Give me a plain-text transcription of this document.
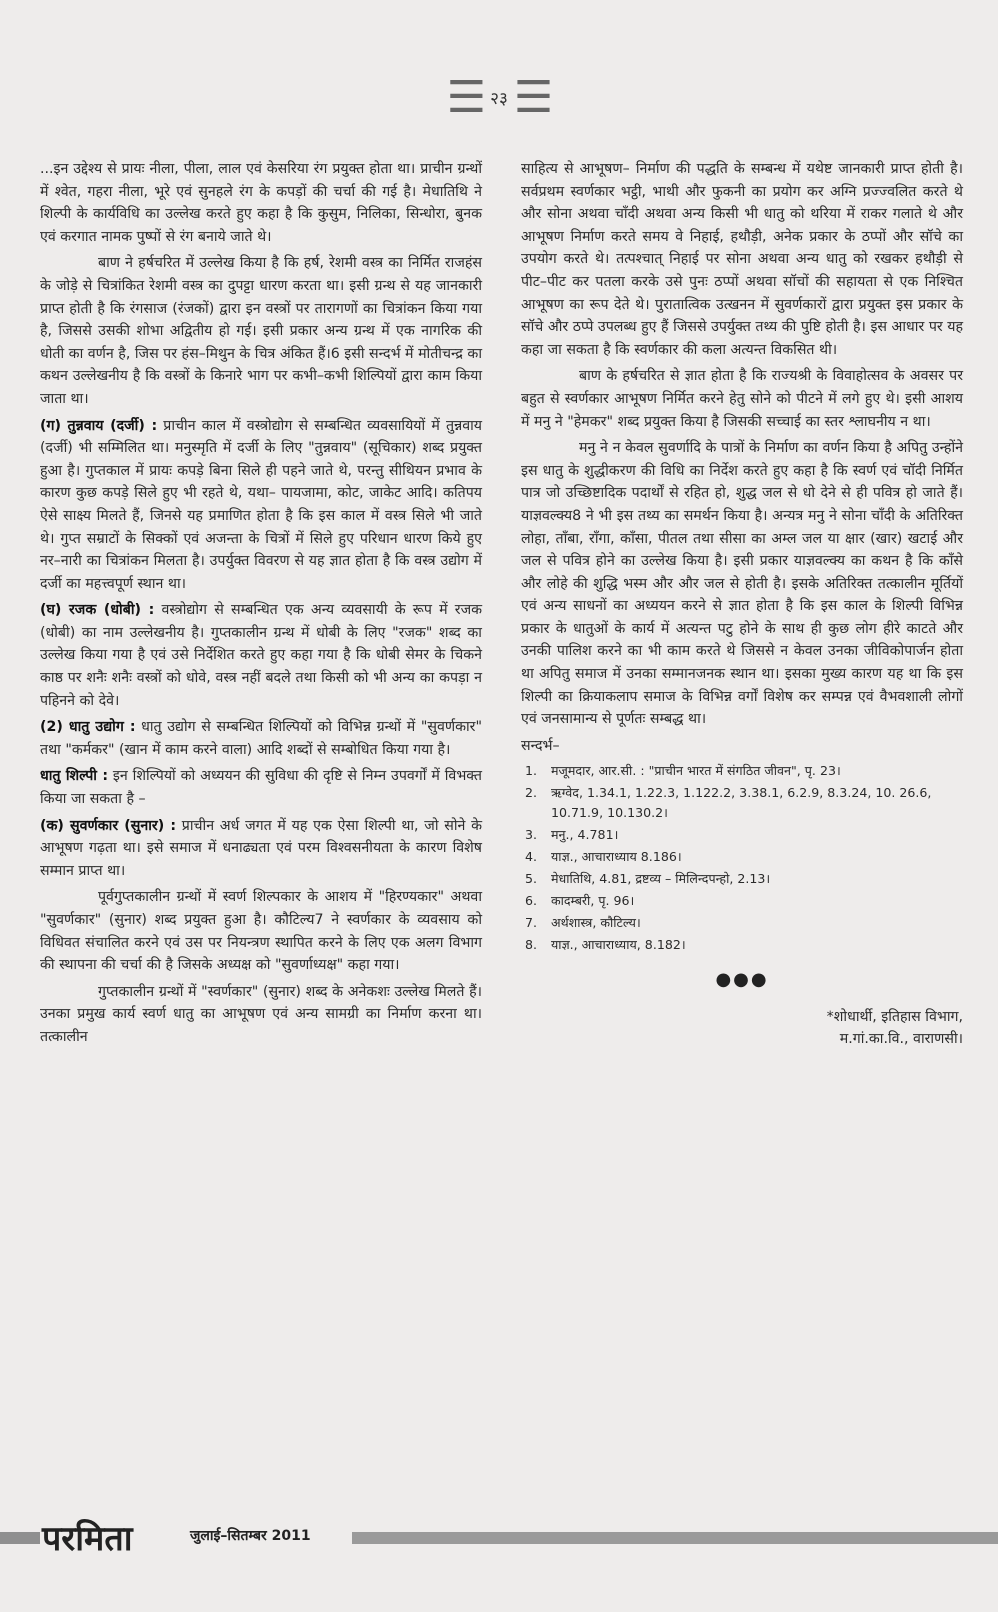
☰ २३ ☰

...इन उद्देश्य से प्रायः नीला, पीला, लाल एवं केसरिया रंग प्रयुक्त होता था। प्राचीन ग्रन्थों में श्वेत, गहरा नीला, भूरे एवं सुनहले रंग के कपड़ों की चर्चा की गई है। मेधातिथि ने शिल्पी के कार्यविधि का उल्लेख करते हुए कहा है कि कुसुम, निलिका, सिन्धोरा, बुनक एवं करगात नामक पुष्पों से रंग बनाये जाते थे।

बाण ने हर्षचरित में उल्लेख किया है कि हर्ष, रेशमी वस्त्र का निर्मित राजहंस के जोड़े से चित्रांकित रेशमी वस्त्र का दुपट्टा धारण करता था। इसी ग्रन्थ से यह जानकारी प्राप्त होती है कि रंगसाज (रंजकों) द्वारा इन वस्त्रों पर तारागणों का चित्रांकन किया गया है, जिससे उसकी शोभा अद्वितीय हो गई। इसी प्रकार अन्य ग्रन्थ में एक नागरिक की धोती का वर्णन है, जिस पर हंस–मिथुन के चित्र अंकित हैं।6 इसी सन्दर्भ में मोतीचन्द्र का कथन उल्लेखनीय है कि वस्त्रों के किनारे भाग पर कभी–कभी शिल्पियों द्वारा काम किया जाता था।

(ग) तुन्नवाय (दर्जी) : प्राचीन काल में वस्त्रोद्योग से सम्बन्धित व्यवसायियों में तुन्नवाय (दर्जी) भी सम्मिलित था। मनुस्मृति में दर्जी के लिए "तुन्नवाय" (सूचिकार) शब्द प्रयुक्त हुआ है। गुप्तकाल में प्रायः कपड़े बिना सिले ही पहने जाते थे, परन्तु सीथियन प्रभाव के कारण कुछ कपड़े सिले हुए भी रहते थे, यथा– पायजामा, कोट, जाकेट आदि। कतिपय ऐसे साक्ष्य मिलते हैं, जिनसे यह प्रमाणित होता है कि इस काल में वस्त्र सिले भी जाते थे। गुप्त सम्राटों के सिक्कों एवं अजन्ता के चित्रों में सिले हुए परिधान धारण किये हुए नर–नारी का चित्रांकन मिलता है। उपर्युक्त विवरण से यह ज्ञात होता है कि वस्त्र उद्योग में दर्जी का महत्त्वपूर्ण स्थान था।

(घ) रजक (धोबी) : वस्त्रोद्योग से सम्बन्धित एक अन्य व्यवसायी के रूप में रजक (धोबी) का नाम उल्लेखनीय है। गुप्तकालीन ग्रन्थ में धोबी के लिए "रजक" शब्द का उल्लेख किया गया है एवं उसे निर्देशित करते हुए कहा गया है कि धोबी सेमर के चिकने काष्ठ पर शनैः शनैः वस्त्रों को धोवे, वस्त्र नहीं बदले तथा किसी को भी अन्य का कपड़ा न पहिनने को देवे।

(2) धातु उद्योग : धातु उद्योग से सम्बन्धित शिल्पियों को विभिन्न ग्रन्थों में "सुवर्णकार" तथा "कर्मकर" (खान में काम करने वाला) आदि शब्दों से सम्बोधित किया गया है।

धातु शिल्पी : इन शिल्पियों को अध्ययन की सुविधा की दृष्टि से निम्न उपवर्गों में विभक्त किया जा सकता है –

(क) सुवर्णकार (सुनार) : प्राचीन अर्ध जगत में यह एक ऐसा शिल्पी था, जो सोने के आभूषण गढ़ता था। इसे समाज में धनाढ्यता एवं परम विश्वसनीयता के कारण विशेष सम्मान प्राप्त था।

पूर्वगुप्तकालीन ग्रन्थों में स्वर्ण शिल्पकार के आशय में "हिरण्यकार" अथवा "सुवर्णकार" (सुनार) शब्द प्रयुक्त हुआ है। कौटिल्य7 ने स्वर्णकार के व्यवसाय को विधिवत संचालित करने एवं उस पर नियन्त्रण स्थापित करने के लिए एक अलग विभाग की स्थापना की चर्चा की है जिसके अध्यक्ष को "सुवर्णाध्यक्ष" कहा गया।

गुप्तकालीन ग्रन्थों में "स्वर्णकार" (सुनार) शब्द के अनेकशः उल्लेख मिलते हैं। उनका प्रमुख कार्य स्वर्ण धातु का आभूषण एवं अन्य सामग्री का निर्माण करना था। तत्कालीन

साहित्य से आभूषण– निर्माण की पद्धति के सम्बन्ध में यथेष्ट जानकारी प्राप्त होती है। सर्वप्रथम स्वर्णकार भट्ठी, भाथी और फुकनी का प्रयोग कर अग्नि प्रज्ज्वलित करते थे और सोना अथवा चाँदी अथवा अन्य किसी भी धातु को थरिया में राकर गलाते थे और आभूषण निर्माण करते समय वे निहाई, हथौड़ी, अनेक प्रकार के ठप्पों और सॉचे का उपयोग करते थे। तत्पश्चात् निहाई पर सोना अथवा अन्य धातु को रखकर हथौड़ी से पीट–पीट कर पतला करके उसे पुनः ठप्पों अथवा सॉचों की सहायता से एक निश्चित आभूषण का रूप देते थे। पुरातात्विक उत्खनन में सुवर्णकारों द्वारा प्रयुक्त इस प्रकार के सॉचे और ठप्पे उपलब्ध हुए हैं जिससे उपर्युक्त तथ्य की पुष्टि होती है। इस आधार पर यह कहा जा सकता है कि स्वर्णकार की कला अत्यन्त विकसित थी।

बाण के हर्षचरित से ज्ञात होता है कि राज्यश्री के विवाहोत्सव के अवसर पर बहुत से स्वर्णकार आभूषण निर्मित करने हेतु सोने को पीटने में लगे हुए थे। इसी आशय में मनु ने "हेमकर" शब्द प्रयुक्त किया है जिसकी सच्चाई का स्तर श्लाघनीय न था।

मनु ने न केवल सुवर्णादि के पात्रों के निर्माण का वर्णन किया है अपितु उन्होंने इस धातु के शुद्धीकरण की विधि का निर्देश करते हुए कहा है कि स्वर्ण एवं चॉदी निर्मित पात्र जो उच्छिष्टादिक पदार्थों से रहित हो, शुद्ध जल से धो देने से ही पवित्र हो जाते हैं। याज्ञवल्क्य8 ने भी इस तथ्य का समर्थन किया है। अन्यत्र मनु ने सोना चाँदी के अतिरिक्त लोहा, ताँबा, राँगा, काँसा, पीतल तथा सीसा का अम्ल जल या क्षार (खार) खटाई और जल से पवित्र होने का उल्लेख किया है। इसी प्रकार याज्ञवल्क्य का कथन है कि काँसे और लोहे की शुद्धि भस्म और और जल से होती है। इसके अतिरिक्त तत्कालीन मूर्तियों एवं अन्य साधनों का अध्ययन करने से ज्ञात होता है कि इस काल के शिल्पी विभिन्न प्रकार के धातुओं के कार्य में अत्यन्त पटु होने के साथ ही कुछ लोग हीरे काटते और उनकी पालिश करने का भी काम करते थे जिससे न केवल उनका जीविकोपार्जन होता था अपितु समाज में उनका सम्मानजनक स्थान था। इसका मुख्य कारण यह था कि इस शिल्पी का क्रियाकलाप समाज के विभिन्न वर्गों विशेष कर सम्पन्न एवं वैभवशाली लोगों एवं जनसामान्य से पूर्णतः सम्बद्ध था।

सन्दर्भ–

1. मजूमदार, आर.सी. : "प्राचीन भारत में संगठित जीवन", पृ. 23।
2. ऋग्वेद, 1.34.1, 1.22.3, 1.122.2, 3.38.1, 6.2.9, 8.3.24, 10. 26.6, 10.71.9, 10.130.2।
3. मनु., 4.781।
4. याज्ञ., आचाराध्याय 8.186।
5. मेधातिथि, 4.81, द्रष्टव्य – मिलिन्दपन्हो, 2.13।
6. कादम्बरी, पृ. 96।
7. अर्थशास्त्र, कौटिल्य।
8. याज्ञ., आचाराध्याय, 8.182।
●●●
*शोधार्थी, इतिहास विभाग,
म.गां.का.वि., वाराणसी।
परमिता	जुलाई–सितम्बर 2011
